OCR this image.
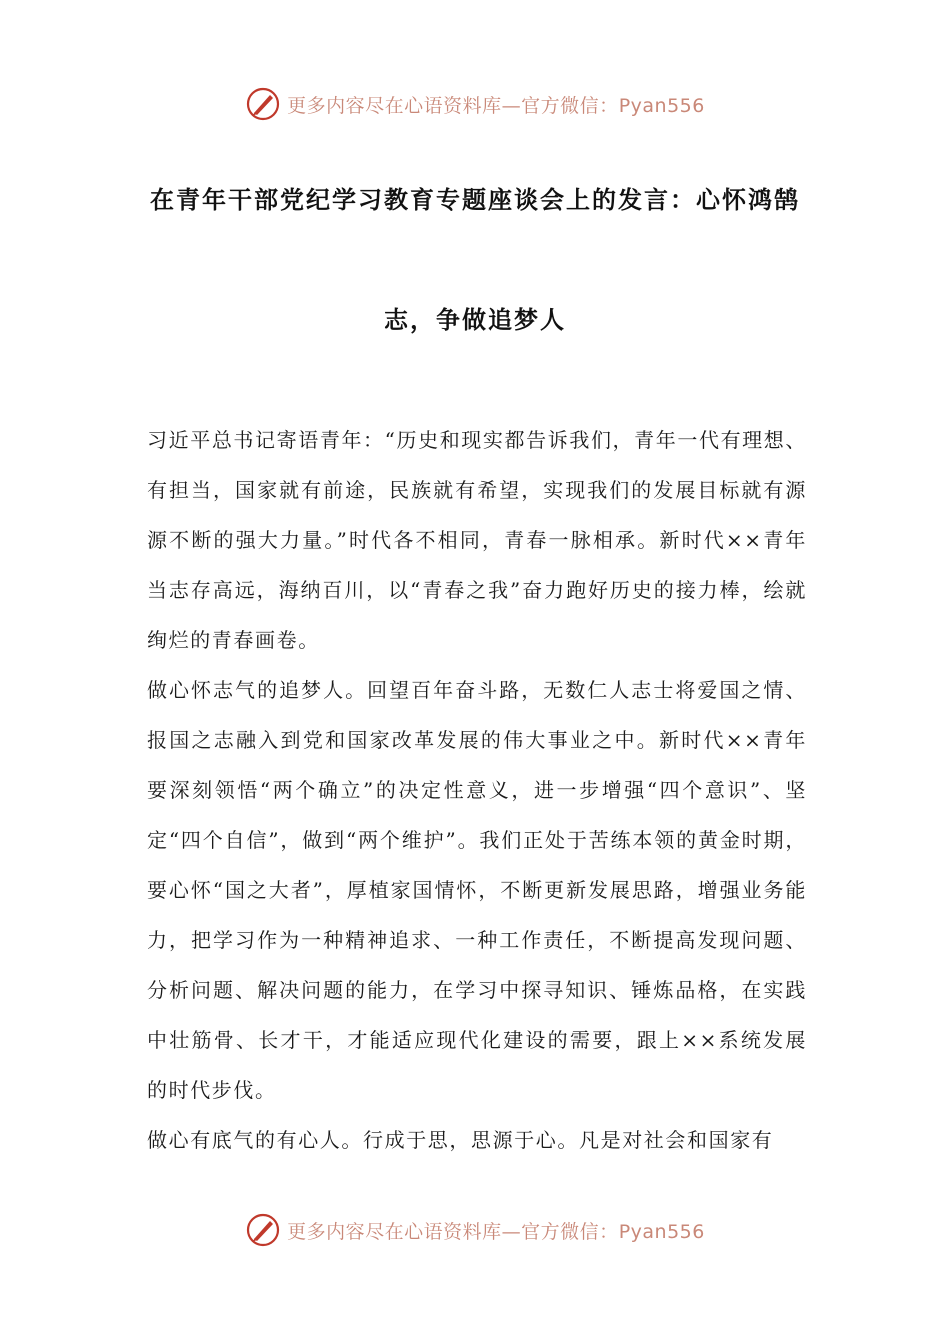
更多内容尽在心语资料库—官方微信：Pyan556
在青年干部党纪学习教育专题座谈会上的发言：心怀鸿鹄
志，争做追梦人

习近平总书记寄语青年：“历史和现实都告诉我们，青年一代有理想、有担当，国家就有前途，民族就有希望，实现我们的发展目标就有源源不断的强大力量。”时代各不相同，青春一脉相承。新时代××青年当志存高远，海纳百川，以“青春之我”奋力跑好历史的接力棒，绘就绚烂的青春画卷。

做心怀志气的追梦人。回望百年奋斗路，无数仁人志士将爱国之情、报国之志融入到党和国家改革发展的伟大事业之中。新时代××青年要深刻领悟“两个确立”的决定性意义，进一步增强“四个意识”、坚定“四个自信”，做到“两个维护”。我们正处于苦练本领的黄金时期，要心怀“国之大者”，厚植家国情怀，不断更新发展思路，增强业务能力，把学习作为一种精神追求、一种工作责任，不断提高发现问题、分析问题、解决问题的能力，在学习中探寻知识、锤炼品格，在实践中壮筋骨、长才干，才能适应现代化建设的需要，跟上××系统发展的时代步伐。

做心有底气的有心人。行成于思，思源于心。凡是对社会和国家有

更多内容尽在心语资料库—官方微信：Pyan556
